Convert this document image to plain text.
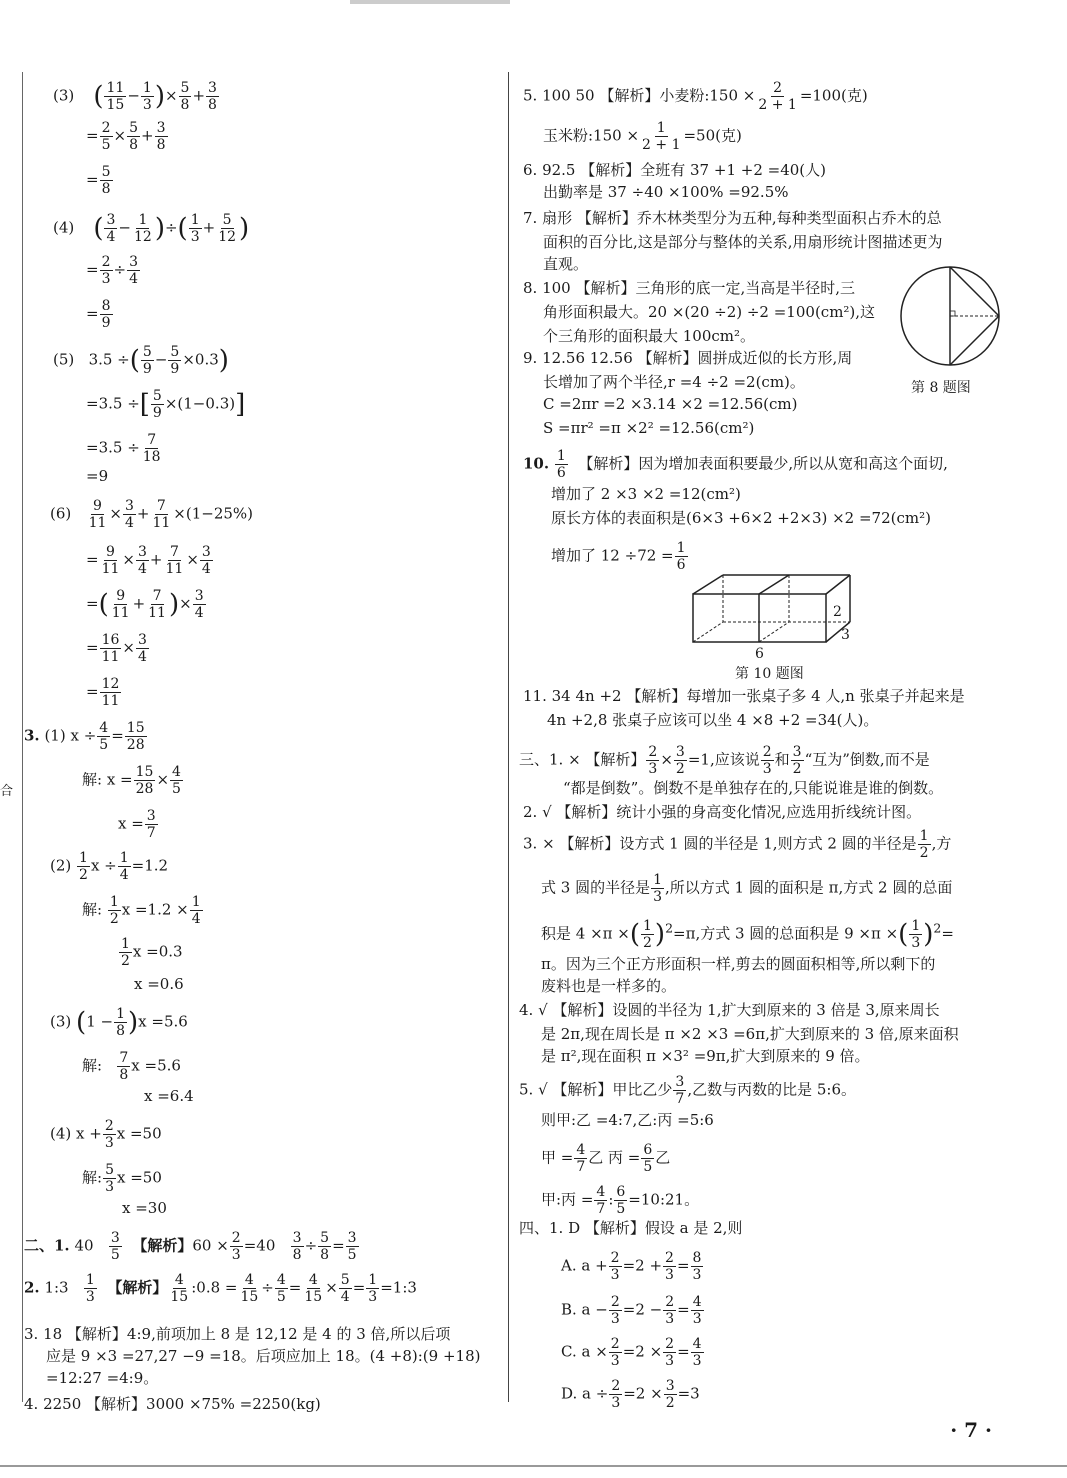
合
(3) ( $\frac{11}{15} - \frac{1}{3}$ )× $\frac{5}{8} + \frac{3}{8}$
= $\frac{2}{5} \times \frac{5}{8} + \frac{3}{8}$
= $\frac{5}{8}$
(4) ( $\frac{3}{4} - \frac{1}{12}$ )÷( $\frac{1}{3} + \frac{5}{12}$ )
= $\frac{2}{3} \div \frac{3}{4}$
= $\frac{8}{9}$
(5) 3.5 ÷( $\frac{5}{9} - \frac{5}{9} \times 0.3$)
=3.5 ÷[ $\frac{5}{9} \times(1-0.3)$]
$=3.5 \div \frac{7}{18}$
=9
$(6) \frac{9}{11} \times \frac{3}{4} + \frac{7}{11} \times(1-25\%)$
= $\frac{9}{11} \times \frac{3}{4} + \frac{7}{11} \times \frac{3}{4}$
=( $\frac{9}{11} + \frac{7}{11}$ )× $\frac{3}{4}$
= $\frac{16}{11} \times \frac{3}{4}$
= $\frac{12}{11}$
3. (1) $x \div \frac{4}{5} = \frac{15}{28}$
解: $x = \frac{15}{28} \times \frac{4}{5}$
$x = \frac{3}{7}$
$(2) \frac{1}{2}$ $x \div \frac{1}{4} =1.2$
解: $\frac{1}{2}$ $x =1.2 \times \frac{1}{4}$
$\frac{1}{2}$ x =0.3
x =0.6
(3) $(1 - \frac{1}{8} )x =5.6$
解: $\frac{7}{8}$ x =5.6
x =6.4
(4) $x + \frac{2}{3}$ x =50
解: $\frac{5}{3}$ x =50
x =30
二、1. $40 \frac{3}{5}$ 【解析】$60 \times \frac{2}{3} =40 \frac{3}{8} \div \frac{5}{8} = \frac{3}{5}$
2. 1:3 $\frac{1}{3}$ 【解析】 $\frac{4}{15}$ :0.8 = $\frac{4}{15} \div \frac{4}{5} = \frac{4}{15} \times \frac{5}{4} = \frac{1}{3}$ =1:3
3. 18 【解析】4:9,前项加上 8 是 12,12 是 4 的 3 倍,所以后项
应是 9 ×3 =27,27 −9 =18。后项应加上 18。(4 +8):(9 +18)
=12:27 =4:9。
4. 2250 【解析】3000 ×75% =2250(kg)
5. 100 50 【解析】小麦粉:150 × $\frac{2}{2 + 1} =100$(克)
玉米粉:150 × $\frac{1}{2 + 1} =50$(克)
6. 92.5 【解析】全班有 37 +1 +2 =40(人)
出勤率是 37 ÷40 ×100% =92.5%
7. 扇形 【解析】乔木林类型分为五种,每种类型面积占乔木的总
面积的百分比,这是部分与整体的关系,用扇形统计图描述更为
直观。
8. 100 【解析】三角形的底一定,当高是半径时,三
角形面积最大。20 ×(20 ÷2) ÷2 =100(cm²),这
个三角形的面积最大 100cm²。
第 8 题图
9. 12.56 12.56 【解析】圆拼成近似的长方形,周
长增加了两个半径,r =4 ÷2 =2(cm)。
C =2πr =2 ×3.14 ×2 =12.56(cm)
S =πr² =π ×2² =12.56(cm²)
10. $\frac{1}{6}$ 【解析】因为增加表面积要最少,所以从宽和高这个面切,
增加了 2 ×3 ×2 =12(cm²)
原长方体的表面积是(6×3 +6×2 +2×3) ×2 =72(cm²)
增加了 $12 \div 72 = \frac{1}{6}$
2
3
6
第 10 题图
11. 34 4n +2 【解析】每增加一张桌子多 4 人,n 张桌子并起来是
4n +2,8 张桌子应该可以坐 4 ×8 +2 =34(人)。
三、1. × 【解析】 $\frac{2}{3} \times \frac{3}{2} =1$,应该说 $\frac{2}{3}$ 和 $\frac{3}{2}$ “互为”倒数,而不是
“都是倒数”。倒数不是单独存在的,只能说谁是谁的倒数。
2. √ 【解析】统计小强的身高变化情况,应选用折线统计图。
3. × 【解析】设方式 1 圆的半径是 1,则方式 2 圆的半径是 $\frac{1}{2}$ ,方
式 3 圆的半径是 $\frac{1}{3}$ ,所以方式 1 圆的面积是 π,方式 2 圆的总面
积是 4 ×π ×( $\frac{1}{2} )^2=\pi$,方式 3 圆的总面积是 9 ×π ×( $\frac{1}{3} )^2=$
π。因为三个正方形面积一样,剪去的圆面积相等,所以剩下的
废料也是一样多的。
4. √ 【解析】设圆的半径为 1,扩大到原来的 3 倍是 3,原来周长
是 2π,现在周长是 π ×2 ×3 =6π,扩大到原来的 3 倍,原来面积
是 π²,现在面积 π ×3² =9π,扩大到原来的 9 倍。
5. √ 【解析】甲比乙少 $\frac{3}{7}$ ,乙数与丙数的比是 5:6。
则甲:乙 =4:7,乙:丙 =5:6
甲 = $\frac{4}{7}$ 乙 丙 = $\frac{6}{5}$ 乙
甲:丙 = $\frac{4}{7}$ : $\frac{6}{5}$ =10:21。
四、1. D 【解析】假设 a 是 2,则
A. $a + \frac{2}{3} =2 + \frac{2}{3} = \frac{8}{3}$
B. $a - \frac{2}{3} =2 - \frac{2}{3} = \frac{4}{3}$
C. $a \times \frac{2}{3} =2 \times \frac{2}{3} = \frac{4}{3}$
D. $a \div \frac{2}{3} =2 \times \frac{3}{2} =3$
· 7 ·
